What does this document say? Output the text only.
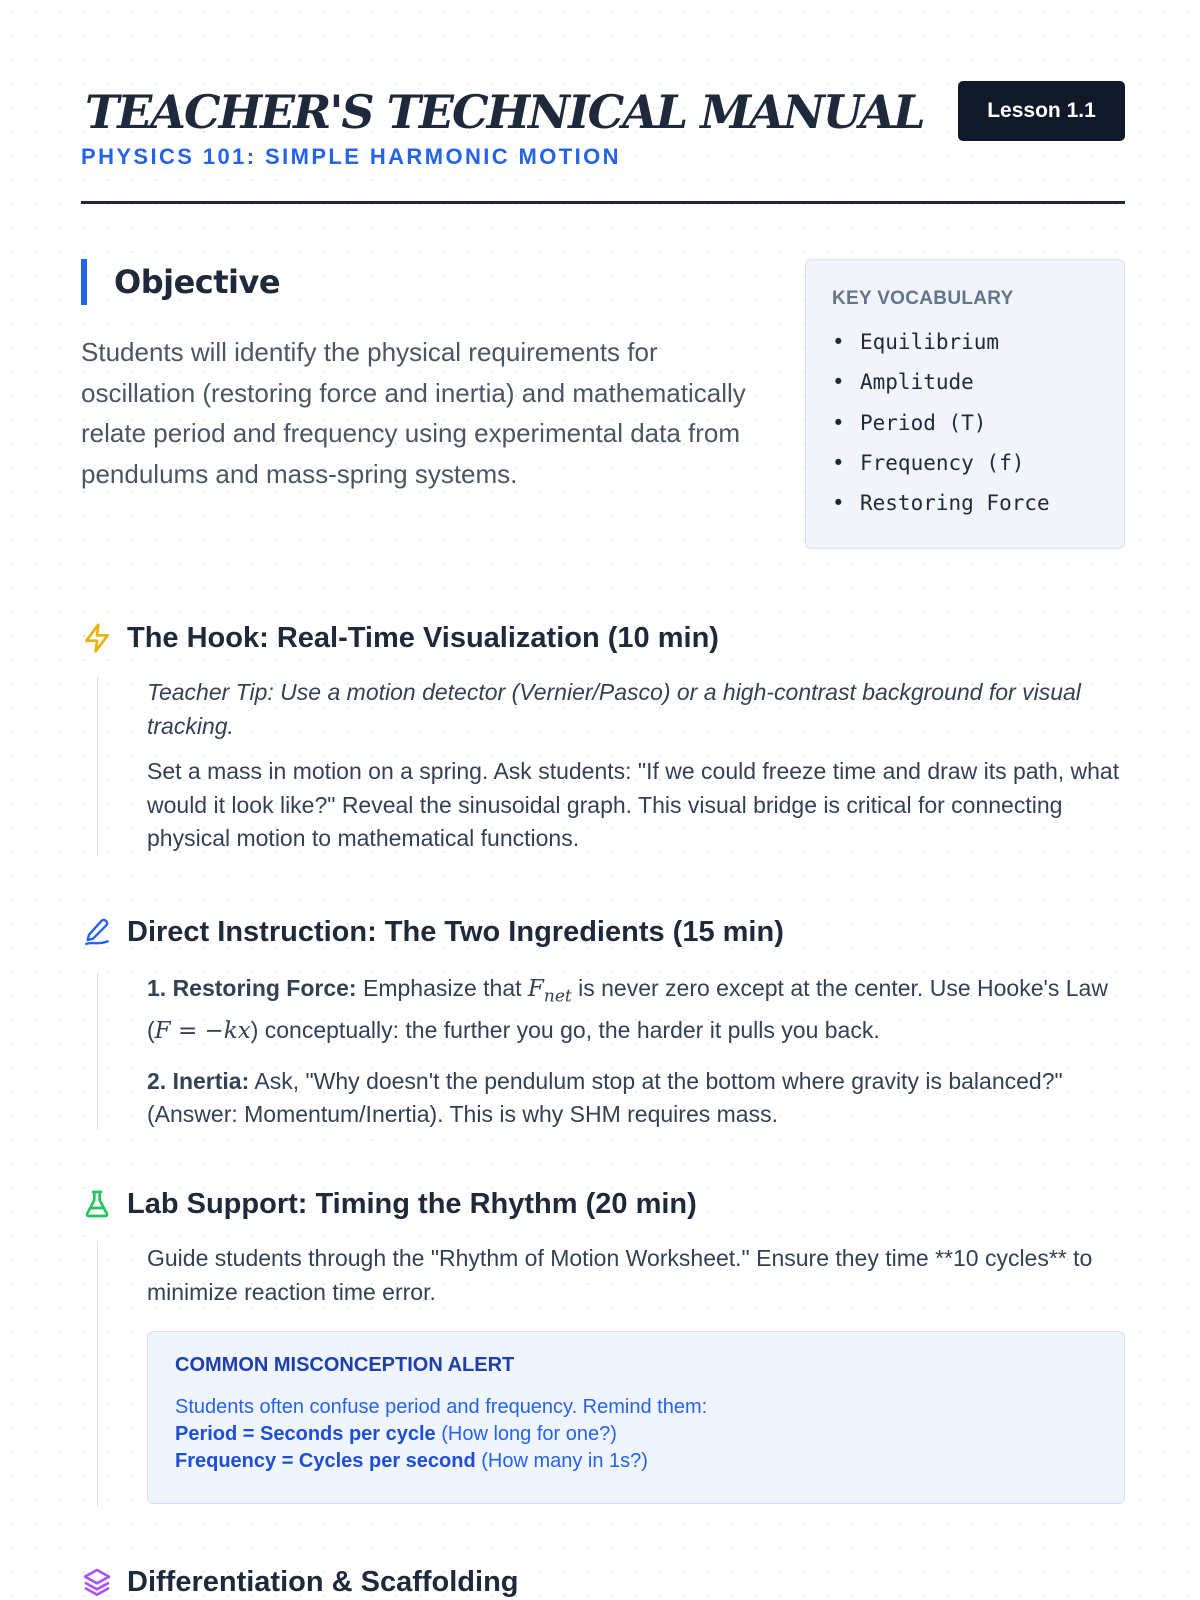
TEACHER'S TECHNICAL MANUAL
PHYSICS 101: SIMPLE HARMONIC MOTION
Lesson 1.1
Objective
Students will identify the physical requirements for oscillation (restoring force and inertia) and mathematically relate period and frequency using experimental data from pendulums and mass-spring systems.
KEY VOCABULARY
• Equilibrium
• Amplitude
• Period (T)
• Frequency (f)
• Restoring Force
The Hook: Real-Time Visualization (10 min)
Teacher Tip: Use a motion detector (Vernier/Pasco) or a high-contrast background for visual tracking.
Set a mass in motion on a spring. Ask students: "If we could freeze time and draw its path, what would it look like?" Reveal the sinusoidal graph. This visual bridge is critical for connecting physical motion to mathematical functions.
Direct Instruction: The Two Ingredients (15 min)
1. Restoring Force: Emphasize that $F_{net}$ is never zero except at the center. Use Hooke's Law (F = −kx) conceptually: the further you go, the harder it pulls you back.
2. Inertia: Ask, "Why doesn't the pendulum stop at the bottom where gravity is balanced?" (Answer: Momentum/Inertia). This is why SHM requires mass.
Lab Support: Timing the Rhythm (20 min)
Guide students through the "Rhythm of Motion Worksheet." Ensure they time **10 cycles** to minimize reaction time error.
COMMON MISCONCEPTION ALERT
Students often confuse period and frequency. Remind them:
Period = Seconds per cycle (How long for one?)
Frequency = Cycles per second (How many in 1s?)
Differentiation & Scaffolding
